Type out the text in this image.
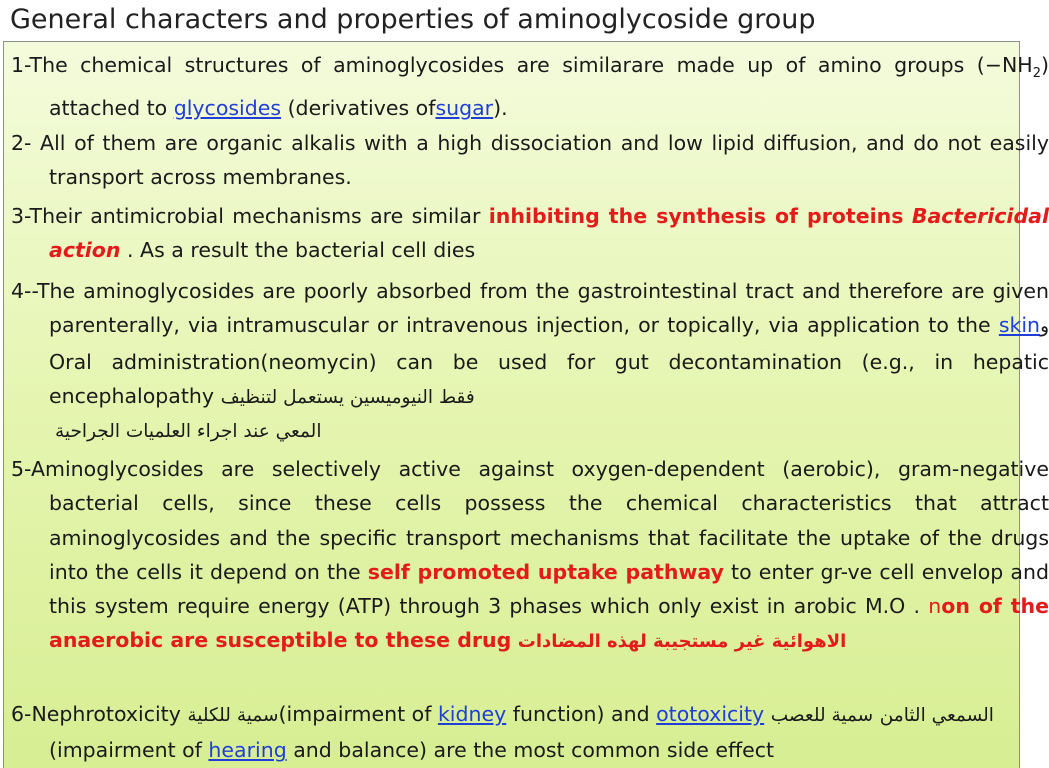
General characters and properties of aminoglycoside group

1-The chemical structures of aminoglycosides are similarare made up of amino groups $(-NH_2)$ attached to glycosides (derivatives ofsugar).

2- All of them are organic alkalis with a high dissociation and low lipid diffusion, and do not easily transport across membranes.

3-Their antimicrobial mechanisms are similar inhibiting the synthesis of proteins Bactericidal action . As a result the bacterial cell dies

4--The aminoglycosides are poorly absorbed from the gastrointestinal tract and therefore are given parenterally, via intramuscular or intravenous injection, or topically, via application to the skinو Oral administration(neomycin) can be used for gut decontamination (e.g., in hepatic encephalopathy فقط النيوميسين يستعمل لتنظيف
المعي عند اجراء العلميات الجراحية

5-Aminoglycosides are selectively active against oxygen-dependent (aerobic), gram-negative bacterial cells, since these cells possess the chemical characteristics that attract aminoglycosides and the specific transport mechanisms that facilitate the uptake of the drugs into the cells it depend on the self promoted uptake pathway to enter gr-ve cell envelop and this system require energy (ATP) through 3 phases which only exist in arobic M.O . non of the anaerobic are susceptible to these drug الاهوائية غير مستجيبة لهذه المضادات

6-Nephrotoxicity سمية للكلية(impairment of kidney function) and ototoxicity سمية للعصب السمعي الثامن (impairment of hearing and balance) are the most common side effect
